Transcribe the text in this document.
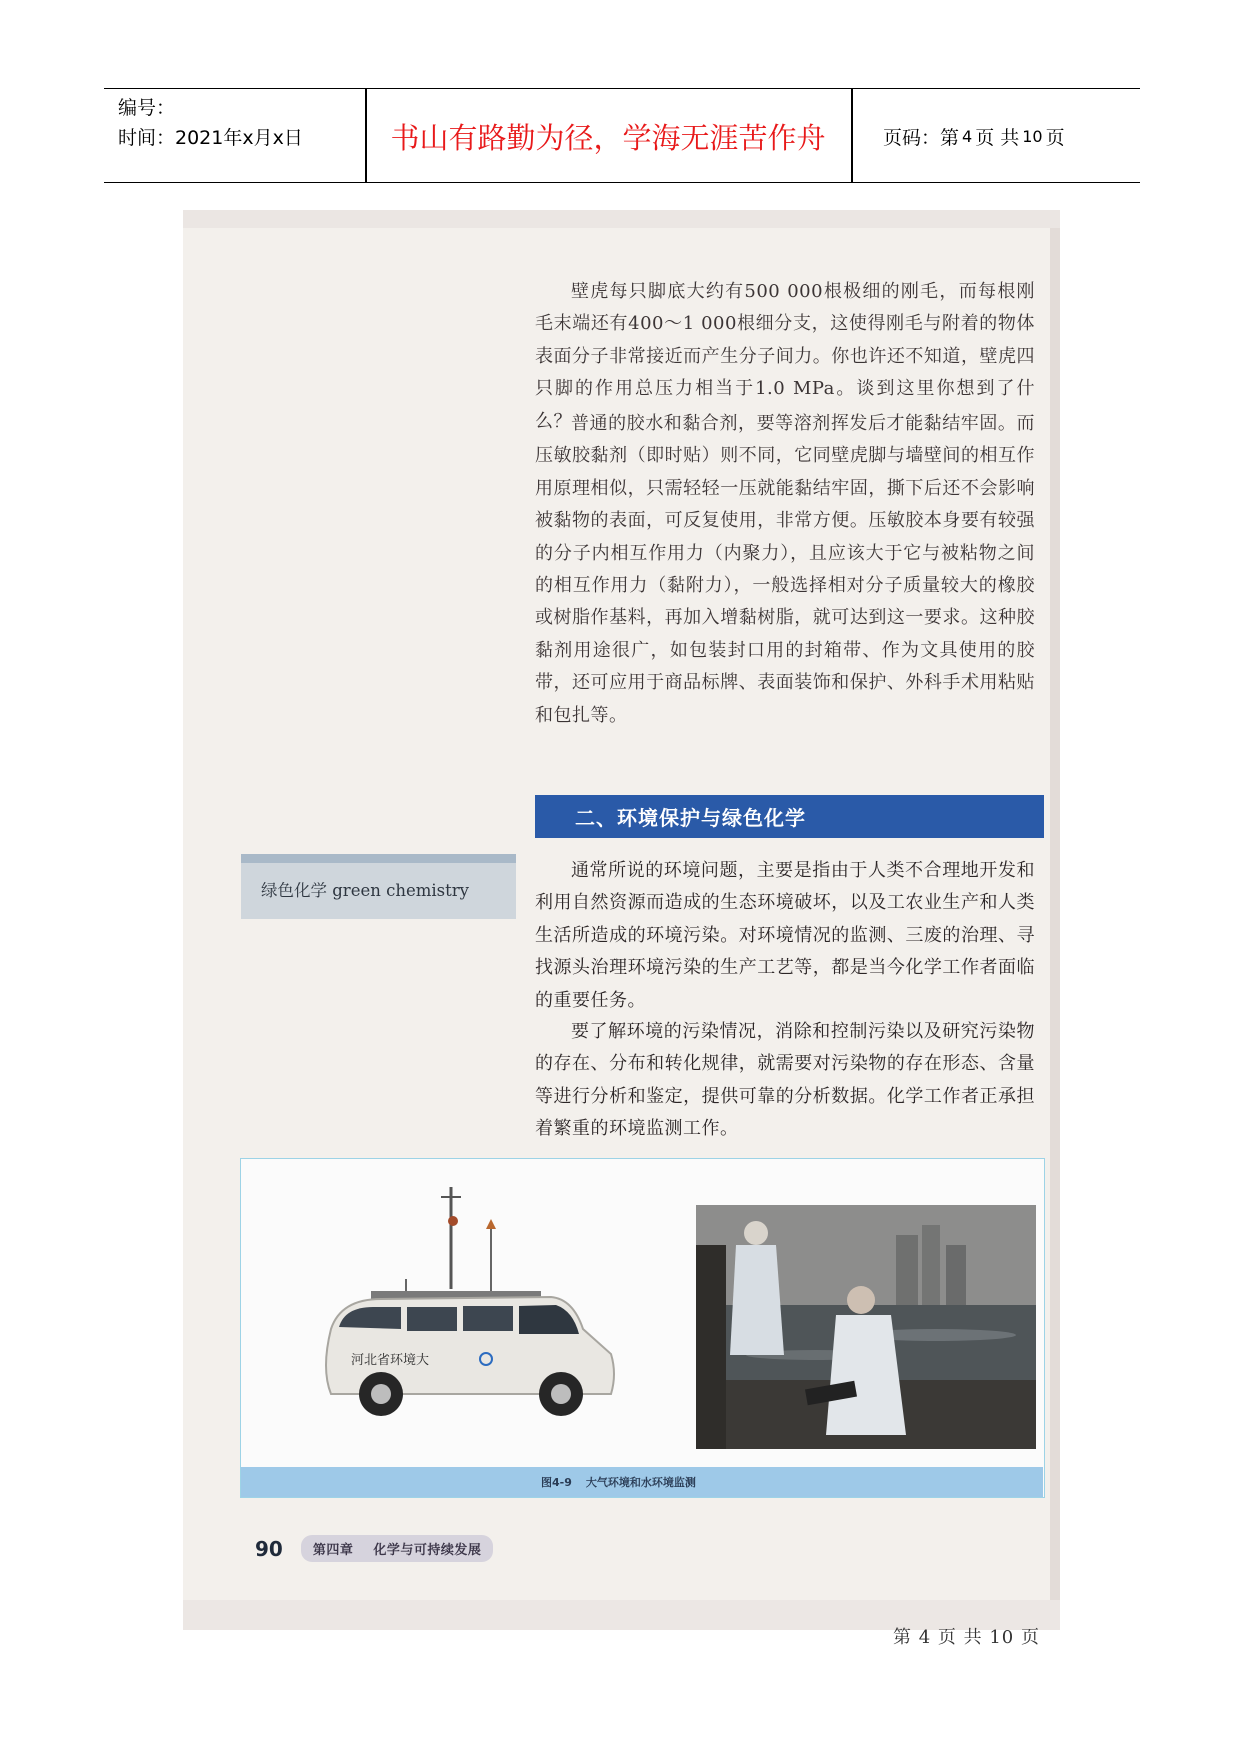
编号：
时间：2021年x月x日	书山有路勤为径，学海无涯苦作舟	页码：第 4 页 共 10 页

壁虎每只脚底大约有500 000根极细的刚毛，而每根刚毛末端还有400～1 000根细分支，这使得刚毛与附着的物体表面分子非常接近而产生分子间力。你也许还不知道，壁虎四只脚的作用总压力相当于1.0 MPa。谈到这里你想到了什么？ 普通的胶水和黏合剂，要等溶剂挥发后才能黏结牢固。而压敏胶黏剂（即时贴）则不同，它同壁虎脚与墙壁间的相互作用原理相似，只需轻轻一压就能黏结牢固，撕下后还不会影响被黏物的表面，可反复使用，非常方便。压敏胶本身要有较强的分子内相互作用力（内聚力），且应该大于它与被粘物之间的相互作用力（黏附力），一般选择相对分子质量较大的橡胶或树脂作基料，再加入增黏树脂，就可达到这一要求。这种胶黏剂用途很广，如包装封口用的封箱带、作为文具使用的胶带，还可应用于商品标牌、表面装饰和保护、外科手术用粘贴和包扎等。

二、环境保护与绿色化学
绿色化学 green chemistry

通常所说的环境问题，主要是指由于人类不合理地开发和利用自然资源而造成的生态环境破坏，以及工农业生产和人类生活所造成的环境污染。对环境情况的监测、三废的治理、寻找源头治理环境污染的生产工艺等，都是当今化学工作者面临的重要任务。

要了解环境的污染情况，消除和控制污染以及研究污染物的存在、分布和转化规律，就需要对污染物的存在形态、含量等进行分析和鉴定，提供可靠的分析数据。化学工作者正承担着繁重的环境监测工作。

河北省环境大
图4-9 大气环境和水环境监测
90	第四章 化学与可持续发展
第 4 页 共 10 页
